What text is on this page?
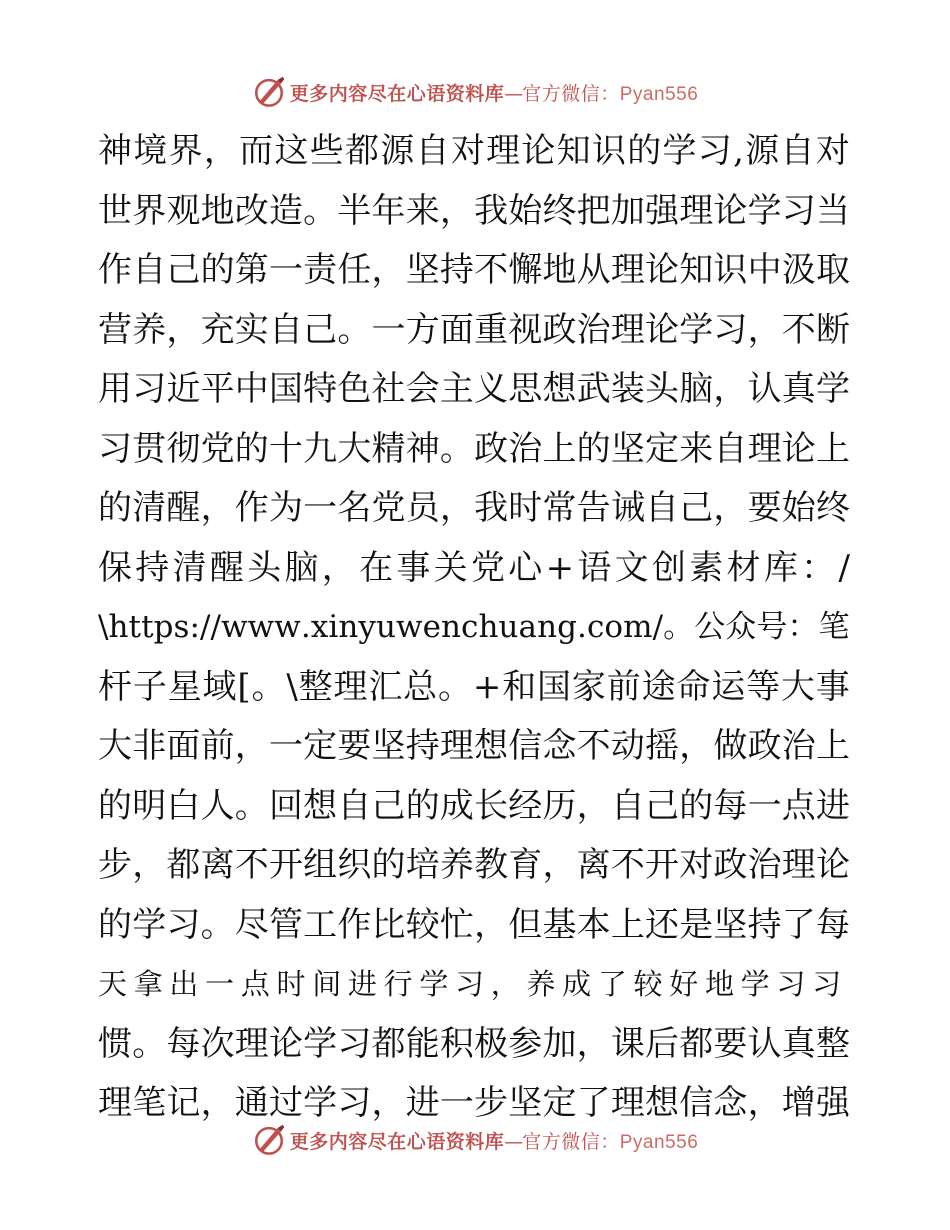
更多内容尽在心语资料库—官方微信：Pyan556
神 境 界 ， 而 这 些 都 源 自 对 理 论 知 识 的 学 习 , 源 自 对
世 界 观 地 改 造 。 半 年 来 ， 我 始 终 把 加 强 理 论 学 习 当
作 自 己 的 第 一 责 任 ， 坚 持 不 懈 地 从 理 论 知 识 中 汲 取
营 养 ， 充 实 自 己 。 一 方 面 重 视 政 治 理 论 学 习 ， 不 断
用 习 近 平 中 国 特 色 社 会 主 义 思 想 武 装 头 脑 ， 认 真 学
习 贯 彻 党 的 十 九 大 精 神 。 政 治 上 的 坚 定 来 自 理 论 上
的 清 醒 ， 作 为 一 名 党 员 ， 我 时 常 告 诫 自 己 ， 要 始 终
保 持 清 醒 头 脑 ， 在 事 关 党 心 + 语 文 创 素 材 库 ： /
\ h t t p s : / / w w w . x i n y u w e n c h u a n g . c o m / 。 公 众 号 ： 笔
杆 子 星 域 [ 。 \ 整 理 汇 总 。 + 和 国 家 前 途 命 运 等 大 事
大 非 面 前 ， 一 定 要 坚 持 理 想 信 念 不 动 摇 ， 做 政 治 上
的 明 白 人 。 回 想 自 己 的 成 长 经 历 ， 自 己 的 每 一 点 进
步 ， 都 离 不 开 组 织 的 培 养 教 育 ， 离 不 开 对 政 治 理 论
的 学 习 。 尽 管 工 作 比 较 忙 ， 但 基 本 上 还 是 坚 持 了 每
天 拿 出 一 点 时 间 进 行 学 习 ， 养 成 了 较 好 地 学 习 习
惯 。 每 次 理 论 学 习 都 能 积 极 参 加 ， 课 后 都 要 认 真 整
理 笔 记 ， 通 过 学 习 ， 进 一 步 坚 定 了 理 想 信 念 ， 增 强
更多内容尽在心语资料库—官方微信：Pyan556
